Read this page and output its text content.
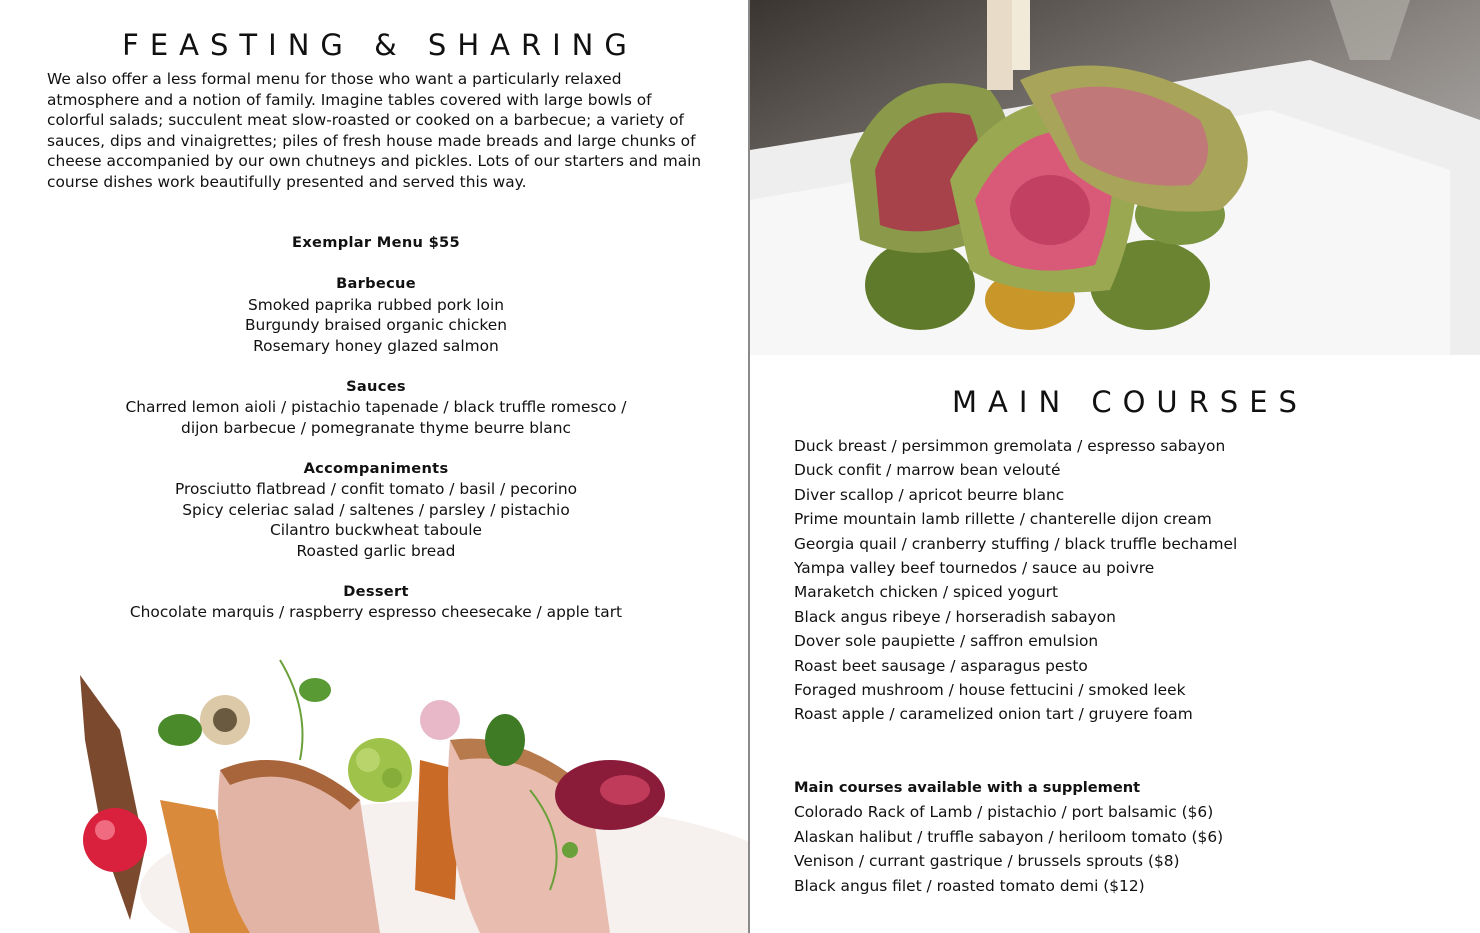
FEASTING & SHARING

We also offer a less formal menu for those who want a particularly relaxed atmosphere and a notion of family. Imagine tables covered with large bowls of colorful salads; succulent meat slow-roasted or cooked on a barbecue; a variety of sauces, dips and vinaigrettes; piles of fresh house made breads and large chunks of cheese accompanied by our own chutneys and pickles. Lots of our starters and main course dishes work beautifully presented and served this way.

Exemplar Menu $55
Barbecue
Smoked paprika rubbed pork loin
Burgundy braised organic chicken
Rosemary honey glazed salmon
Sauces
Charred lemon aioli / pistachio tapenade / black truffle romesco /
dijon barbecue / pomegranate thyme beurre blanc
Accompaniments
Prosciutto flatbread / confit tomato / basil / pecorino
Spicy celeriac salad / saltenes / parsley / pistachio
Cilantro buckwheat taboule
Roasted garlic bread
Dessert
Chocolate marquis / raspberry espresso cheesecake / apple tart
MAIN COURSES
Duck breast / persimmon gremolata / espresso sabayon
Duck confit / marrow bean velouté
Diver scallop / apricot beurre blanc
Prime mountain lamb rillette / chanterelle dijon cream
Georgia quail / cranberry stuffing / black truffle bechamel
Yampa valley beef tournedos / sauce au poivre
Maraketch chicken / spiced yogurt
Black angus ribeye / horseradish sabayon
Dover sole paupiette / saffron emulsion
Roast beet sausage / asparagus pesto
Foraged mushroom / house fettucini / smoked leek
Roast apple / caramelized onion tart / gruyere foam
Main courses available with a supplement
Colorado Rack of Lamb / pistachio / port balsamic ($6)
Alaskan halibut / truffle sabayon / heriloom tomato ($6)
Venison / currant gastrique / brussels sprouts ($8)
Black angus filet / roasted tomato demi ($12)
